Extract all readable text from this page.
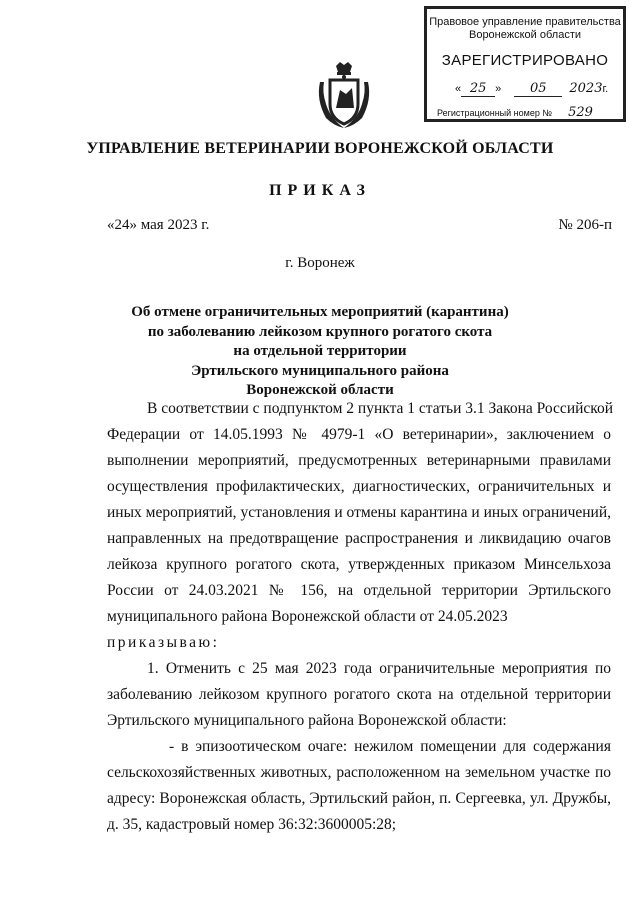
Правовое управление правительства Воронежской области
ЗАРЕГИСТРИРОВАНО
« 25 » 05 2023г.
Регистрационный номер № 529
УПРАВЛЕНИЕ ВЕТЕРИНАРИИ ВОРОНЕЖСКОЙ ОБЛАСТИ
ПРИКАЗ
«24» мая 2023 г.	№ 206-п
г. Воронеж
Об отмене ограничительных мероприятий (карантина)
по заболеванию лейкозом крупного рогатого скота
на отдельной территории
Эртильского муниципального района
Воронежской области
В соответствии с подпунктом 2 пункта 1 статьи 3.1 Закона Российской
Федерации от 14.05.1993 № 4979-1 «О ветеринарии», заключением о
выполнении мероприятий, предусмотренных ветеринарными правилами
осуществления профилактических, диагностических, ограничительных и
иных мероприятий, установления и отмены карантина и иных ограничений,
направленных на предотвращение распространения и ликвидацию очагов
лейкоза крупного рогатого скота, утвержденных приказом Минсельхоза
России от 24.03.2021 № 156, на отдельной территории Эртильского
муниципального района Воронежской области от 24.05.2023
приказываю:
1. Отменить с 25 мая 2023 года ограничительные мероприятия по
заболеванию лейкозом крупного рогатого скота на отдельной территории
Эртильского муниципального района Воронежской области:
- в эпизоотическом очаге: нежилом помещении для содержания
сельскохозяйственных животных, расположенном на земельном участке по
адресу: Воронежская область, Эртильский район, п. Сергеевка, ул. Дружбы,
д. 35, кадастровый номер 36:32:3600005:28;
